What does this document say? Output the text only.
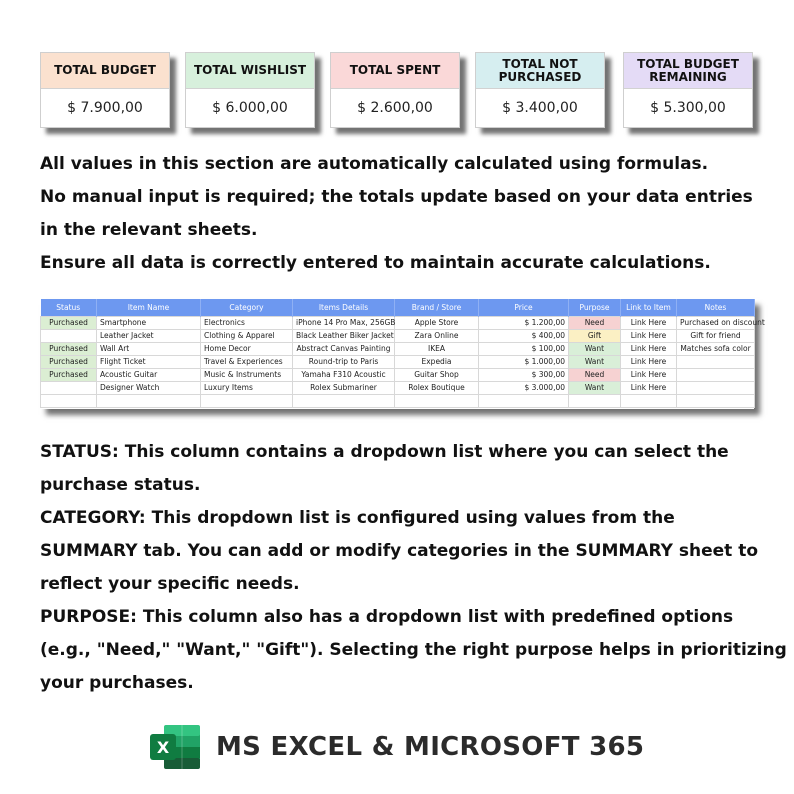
TOTAL BUDGET
$ 7.900,00
TOTAL WISHLIST
$ 6.000,00
TOTAL SPENT
$ 2.600,00
TOTAL NOT PURCHASED
$ 3.400,00
TOTAL BUDGET REMAINING
$ 5.300,00

All values in this section are automatically calculated using formulas.

No manual input is required; the totals update based on your data entries

in the relevant sheets.

Ensure all data is correctly entered to maintain accurate calculations.

Status	Item Name	Category	Items Details	Brand / Store	Price	Purpose	Link to Item	Notes
Purchased	Smartphone	Electronics	iPhone 14 Pro Max, 256GB	Apple Store	$ 1.200,00	Need	Link Here	Purchased on discount
	Leather Jacket	Clothing & Apparel	Black Leather Biker Jacket	Zara Online	$ 400,00	Gift	Link Here	Gift for friend
Purchased	Wall Art	Home Decor	Abstract Canvas Painting	IKEA	$ 100,00	Want	Link Here	Matches sofa color
Purchased	Flight Ticket	Travel & Experiences	Round-trip to Paris	Expedia	$ 1.000,00	Want	Link Here	
Purchased	Acoustic Guitar	Music & Instruments	Yamaha F310 Acoustic	Guitar Shop	$ 300,00	Need	Link Here	
	Designer Watch	Luxury Items	Rolex Submariner	Rolex Boutique	$ 3.000,00	Want	Link Here	

STATUS: This column contains a dropdown list where you can select the

purchase status.

CATEGORY: This dropdown list is configured using values from the

SUMMARY tab. You can add or modify categories in the SUMMARY sheet to

reflect your specific needs.

PURPOSE: This column also has a dropdown list with predefined options

(e.g., "Need," "Want," "Gift"). Selecting the right purpose helps in prioritizing

your purchases.

X MS EXCEL & MICROSOFT 365
